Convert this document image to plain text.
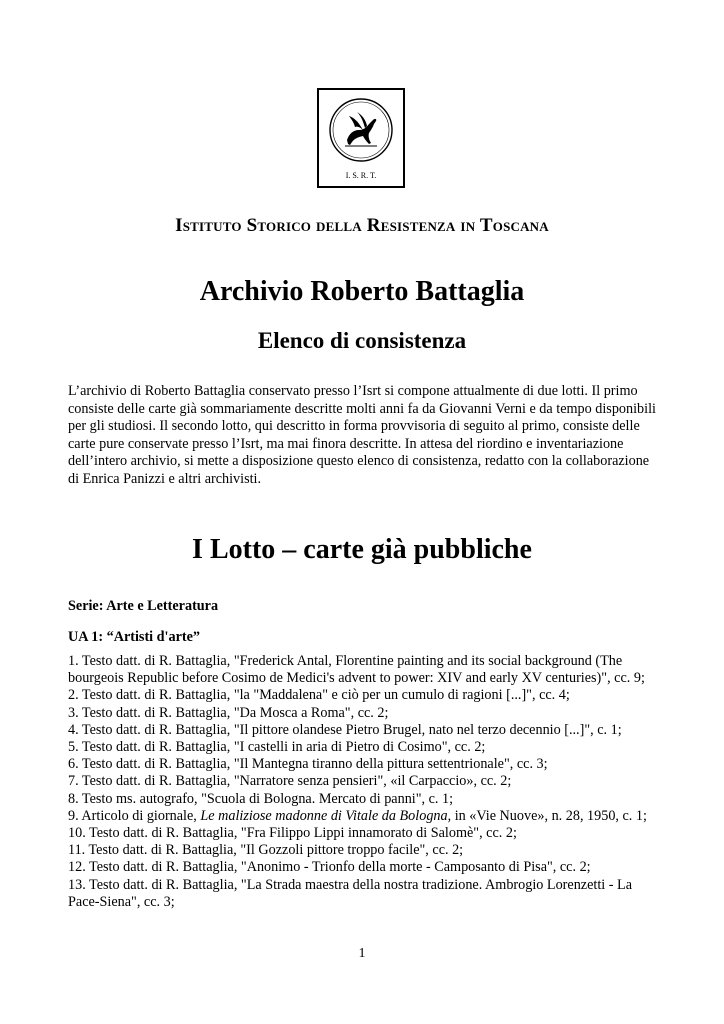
I. S. R. T.
Istituto Storico della Resistenza in Toscana
Archivio Roberto Battaglia
Elenco di consistenza
L’archivio di Roberto Battaglia conservato presso l’Isrt si compone attualmente di due lotti. Il primo consiste delle carte già sommariamente descritte molti anni fa da Giovanni Verni e da tempo disponibili per gli studiosi. Il secondo lotto, qui descritto in forma provvisoria di seguito al primo, consiste delle carte pure conservate presso l’Isrt, ma mai finora descritte. In attesa del riordino e inventariazione dell’intero archivio, si mette a disposizione questo elenco di consistenza, redatto con la collaborazione di Enrica Panizzi e altri archivisti.
I Lotto – carte già pubbliche
Serie: Arte e Letteratura
UA 1: “Artisti d'arte”
1. Testo datt. di R. Battaglia, "Frederick Antal, Florentine painting and its social background (The bourgeois Republic before Cosimo de Medici's advent to power: XIV and early XV centuries)", cc. 9;
2. Testo datt. di R. Battaglia, "la "Maddalena" e ciò per un cumulo di ragioni [...]", cc. 4;
3. Testo datt. di R. Battaglia, "Da Mosca a Roma", cc. 2;
4. Testo datt. di R. Battaglia, "Il pittore olandese Pietro Brugel, nato nel terzo decennio [...]", c. 1;
5. Testo datt. di R. Battaglia, "I castelli in aria di Pietro di Cosimo", cc. 2;
6. Testo datt. di R. Battaglia, "Il Mantegna tiranno della pittura settentrionale", cc. 3;
7. Testo datt. di R. Battaglia, "Narratore senza pensieri", «il Carpaccio», cc. 2;
8. Testo ms. autografo, "Scuola di Bologna. Mercato di panni", c. 1;
9. Articolo di giornale, Le maliziose madonne di Vitale da Bologna, in «Vie Nuove», n. 28, 1950, c. 1;
10. Testo datt. di R. Battaglia, "Fra Filippo Lippi innamorato di Salomè", cc. 2;
11. Testo datt. di R. Battaglia, "Il Gozzoli pittore troppo facile", cc. 2;
12. Testo datt. di R. Battaglia, "Anonimo - Trionfo della morte - Camposanto di Pisa", cc. 2;
13. Testo datt. di R. Battaglia, "La Strada maestra della nostra tradizione. Ambrogio Lorenzetti - La Pace-Siena", cc. 3;
1
